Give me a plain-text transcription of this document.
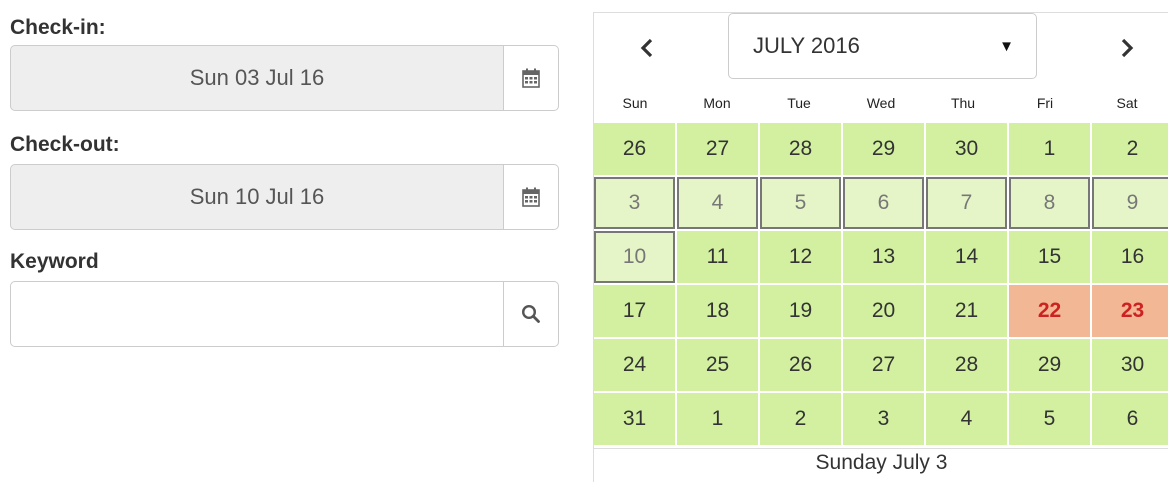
Check-in:
Sun 03 Jul 16
Check-out:
Sun 10 Jul 16
Keyword
JULY 2016	▼
Sun	Mon	Tue	Wed	Thu	Fri	Sat
26	27	28	29	30	1	2
3	4	5	6	7	8	9
10	11	12	13	14	15	16
17	18	19	20	21	22	23
24	25	26	27	28	29	30
31	1	2	3	4	5	6
Sunday July 3
